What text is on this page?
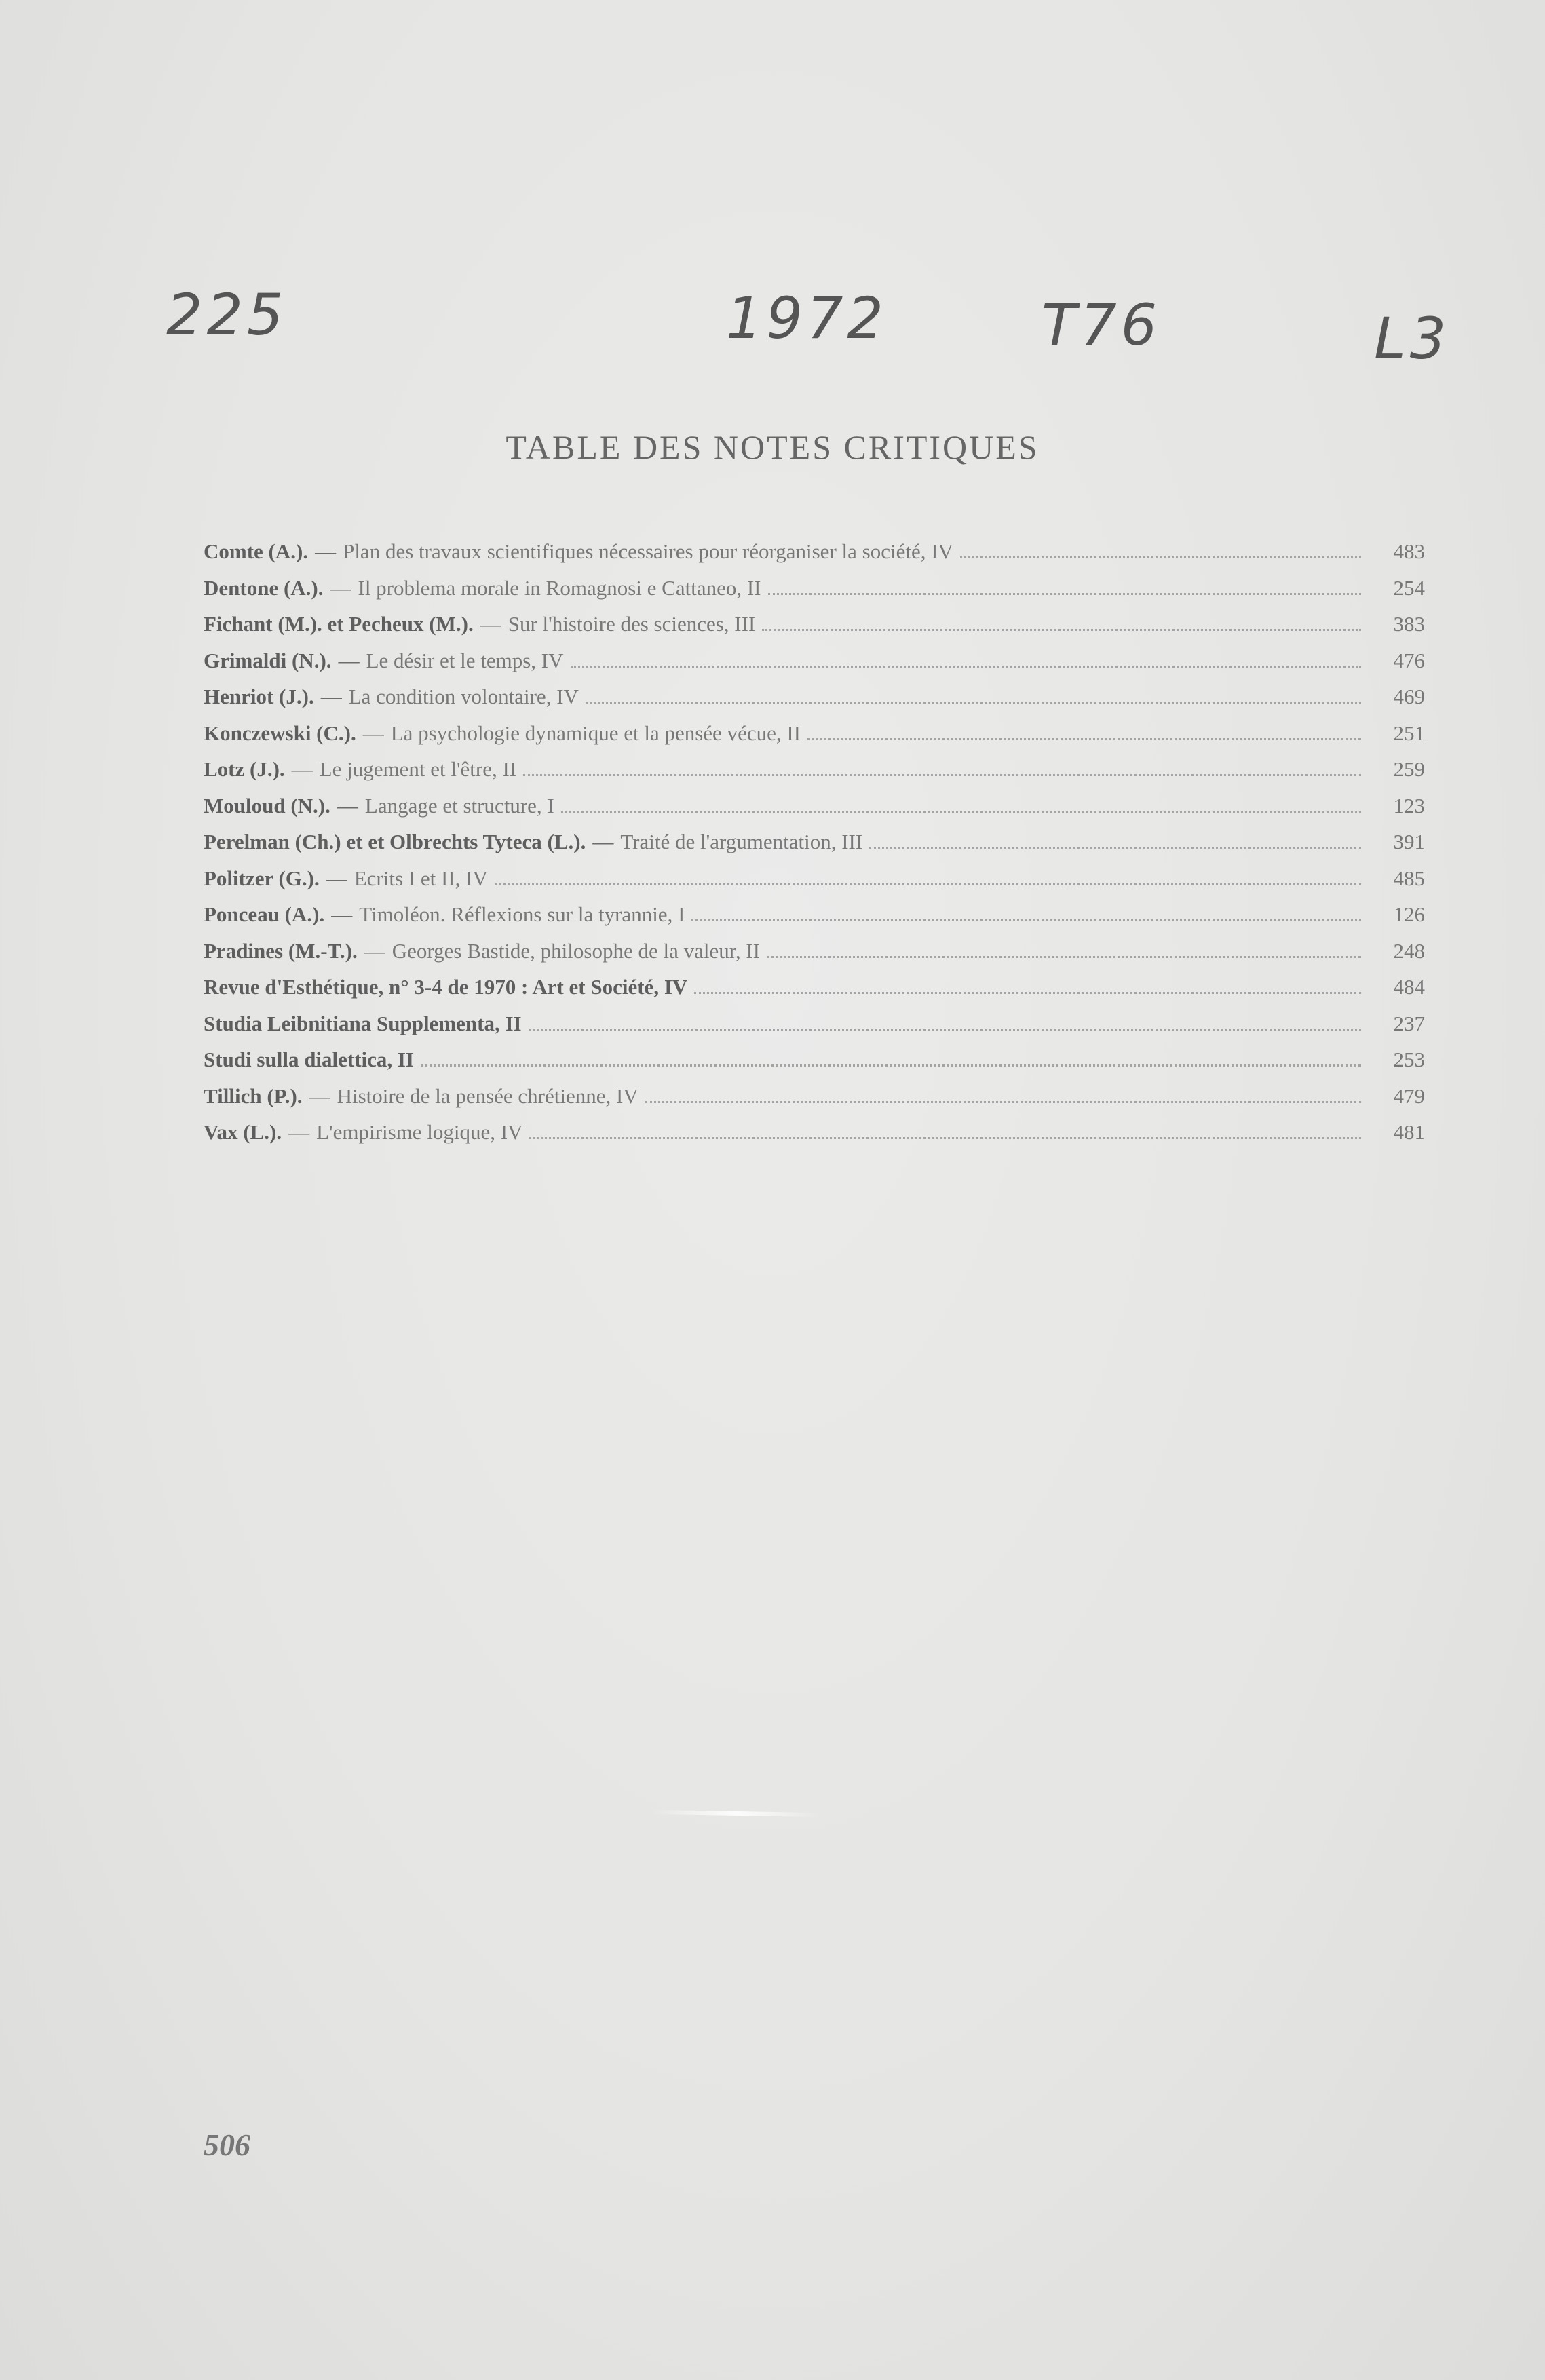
225	1972	T76	L3
TABLE DES NOTES CRITIQUES
Comte (A.). — Plan des travaux scientifiques nécessaires pour réorganiser la société, IV	483
Dentone (A.). — Il problema morale in Romagnosi e Cattaneo, II	254
Fichant (M.). et Pecheux (M.). — Sur l'histoire des sciences, III	383
Grimaldi (N.). — Le désir et le temps, IV	476
Henriot (J.). — La condition volontaire, IV	469
Konczewski (C.). — La psychologie dynamique et la pensée vécue, II	251
Lotz (J.). — Le jugement et l'être, II	259
Mouloud (N.). — Langage et structure, I	123
Perelman (Ch.) et et Olbrechts Tyteca (L.). — Traité de l'argumentation, III	391
Politzer (G.). — Ecrits I et II, IV	485
Ponceau (A.). — Timoléon. Réflexions sur la tyrannie, I	126
Pradines (M.-T.). — Georges Bastide, philosophe de la valeur, II	248
Revue d'Esthétique, n° 3-4 de 1970 : Art et Société, IV	484
Studia Leibnitiana Supplementa, II	237
Studi sulla dialettica, II	253
Tillich (P.). — Histoire de la pensée chrétienne, IV	479
Vax (L.). — L'empirisme logique, IV	481
506
